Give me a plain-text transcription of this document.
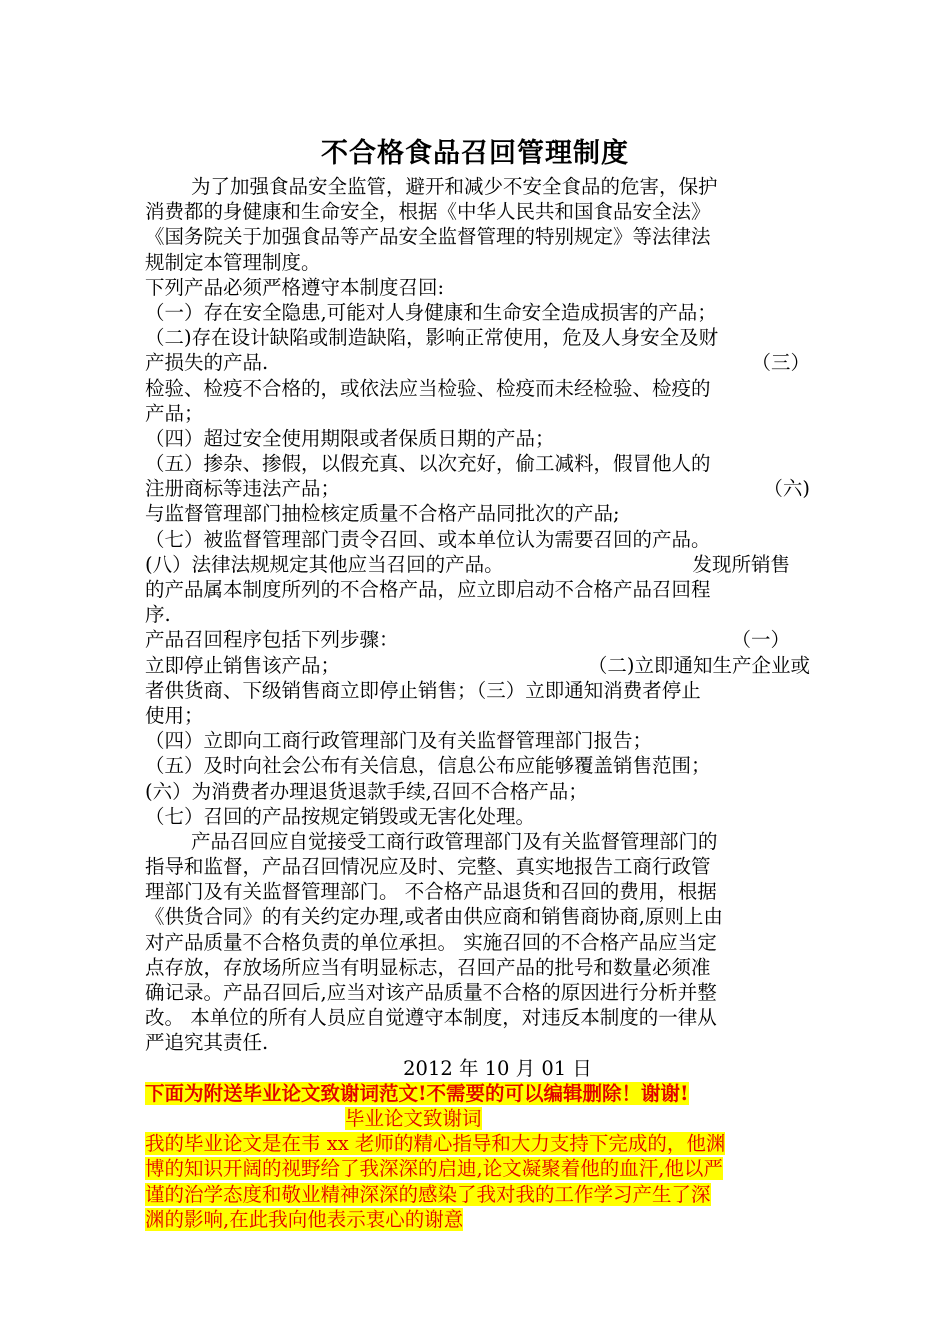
不合格食品召回管理制度
为了加强食品安全监管，避开和减少不安全食品的危害，保护
消费都的身健康和生命安全，根据《中华人民共和国食品安全法》
《国务院关于加强食品等产品安全监督管理的特别规定》等法律法
规制定本管理制度。
下列产品必须严格遵守本制度召回:
（一）存在安全隐患,可能对人身健康和生命安全造成损害的产品；
（二)存在设计缺陷或制造缺陷，影响正常使用，危及人身安全及财
产损失的产品.	（三）
检验、检疫不合格的，或依法应当检验、检疫而未经检验、检疫的
产品；
（四）超过安全使用期限或者保质日期的产品；
（五）掺杂、掺假，以假充真、以次充好，偷工减料，假冒他人的
注册商标等违法产品；	（六)
与监督管理部门抽检核定质量不合格产品同批次的产品;
（七）被监督管理部门责令召回、或本单位认为需要召回的产品。
(八）法律法规规定其他应当召回的产品。	发现所销售
的产品属本制度所列的不合格产品，应立即启动不合格产品召回程
序.
产品召回程序包括下列步骤：	（一）
立即停止销售该产品；	（二)立即通知生产企业或
者供货商、下级销售商立即停止销售；（三）立即通知消费者停止
使用；
（四）立即向工商行政管理部门及有关监督管理部门报告；
（五）及时向社会公布有关信息，信息公布应能够覆盖销售范围；
(六）为消费者办理退货退款手续,召回不合格产品；
（七）召回的产品按规定销毁或无害化处理。
产品召回应自觉接受工商行政管理部门及有关监督管理部门的
指导和监督，产品召回情况应及时、完整、真实地报告工商行政管
理部门及有关监督管理部门。 不合格产品退货和召回的费用，根据
《供货合同》的有关约定办理,或者由供应商和销售商协商,原则上由
对产品质量不合格负责的单位承担。 实施召回的不合格产品应当定
点存放，存放场所应当有明显标志，召回产品的批号和数量必须准
确记录。产品召回后,应当对该产品质量不合格的原因进行分析并整
改。 本单位的所有人员应自觉遵守本制度，对违反本制度的一律从
严追究其责任.
2012 年 10 月 01 日
下面为附送毕业论文致谢词范文!不需要的可以编辑删除！谢谢!
毕业论文致谢词
我的毕业论文是在韦 xx 老师的精心指导和大力支持下完成的，他渊
博的知识开阔的视野给了我深深的启迪,论文凝聚着他的血汗,他以严
谨的治学态度和敬业精神深深的感染了我对我的工作学习产生了深
渊的影响,在此我向他表示衷心的谢意
